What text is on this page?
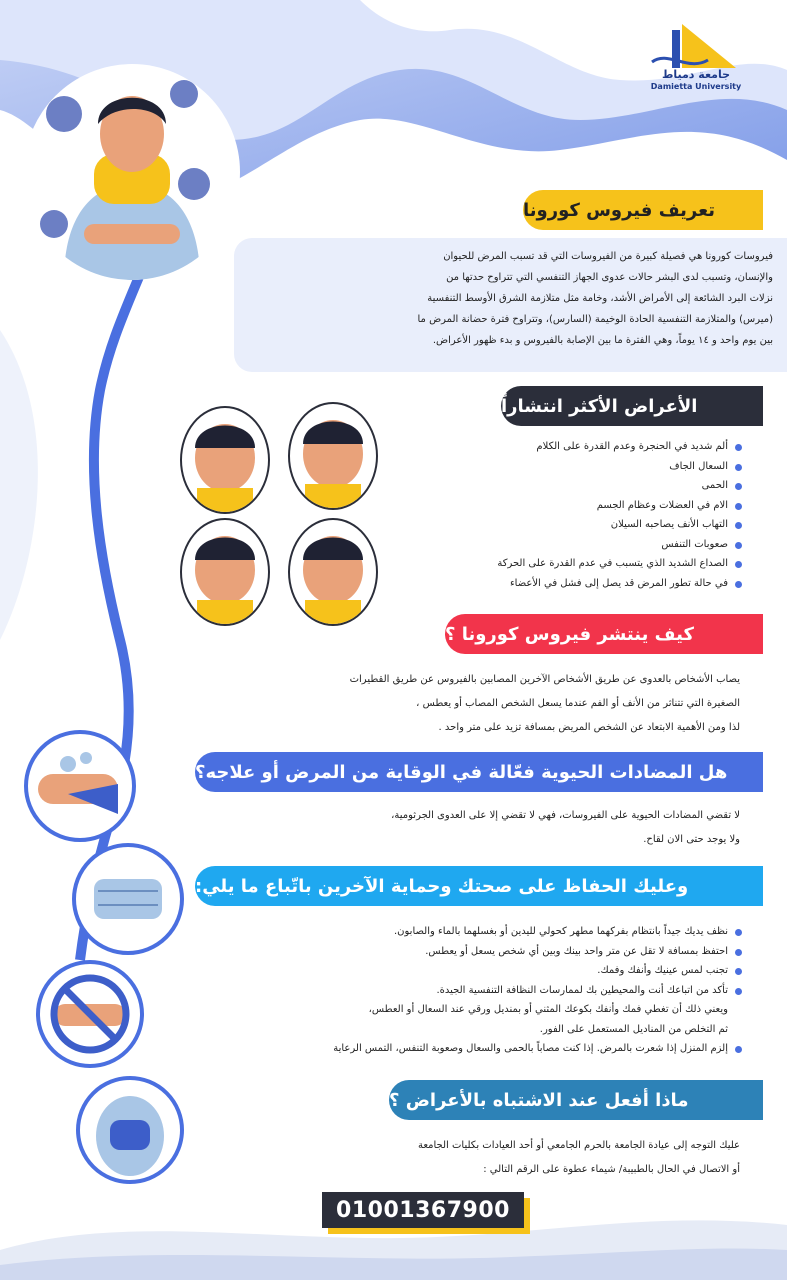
جامعة دمياط
Damietta University
تعريف فيروس كورونا
فيروسات كورونا هي فصيلة كبيرة من الفيروسات التي قد تسبب المرض للحيوان
والإنسان، وتسبب لدى البشر حالات عدوى الجهاز التنفسي التي تتراوح حدتها من
نزلات البرد الشائعة إلى الأمراض الأشد، وخامة مثل متلازمة الشرق الأوسط التنفسية
(ميرس) والمتلازمة التنفسية الحادة الوخيمة (السارس)، وتتراوح فترة حضانة المرض ما
بين يوم واحد و ١٤ يوماً، وهي الفترة ما بين الإصابة بالفيروس و بدء ظهور الأعراض.
الأعراض الأكثر انتشاراً
ألم شديد في الحنجرة وعدم القدرة على الكلام
السعال الجاف
الحمى
الام في العضلات وعظام الجسم
التهاب الأنف يصاحبه السيلان
صعوبات التنفس
الصداع الشديد الذي يتسبب في عدم القدرة على الحركة
في حالة تطور المرض قد يصل إلى فشل في الأعضاء
كيف ينتشر فيروس كورونا ؟
يصاب الأشخاص بالعدوى عن طريق الأشخاص الآخرين المصابين بالفيروس عن طريق القطيرات
الصغيرة التي تتناثر من الأنف أو الفم عندما يسعل الشخص المصاب أو يعطس ،
لذا ومن الأهمية الابتعاد عن الشخص المريض بمسافة تزيد على متر واحد .
هل المضادات الحيوية فعّالة في الوقاية من المرض أو علاجه؟
لا تقضي المضادات الحيوية على الفيروسات، فهي لا تقضي إلا على العدوى الجرثومية،
ولا يوجد حتى الان لقاح.
وعليك الحفاظ على صحتك وحماية الآخرين باتّباع ما يلي:
نظف يديك جيداً بانتظام بفركهما مطهر كحولي لليدين أو بغسلهما بالماء والصابون.
احتفظ بمسافة لا تقل عن متر واحد بينك وبين أي شخص يسعل أو يعطس.
تجنب لمس عينيك وأنفك وفمك.
تأكد من اتباعك أنت والمحيطين بك لممارسات النظافة التنفسية الجيدة.
ويعني ذلك أن تغطي فمك وأنفك بكوعك المثني أو بمنديل ورقي عند السعال أو العطس،
ثم التخلص من المناديل المستعمل على الفور.
إلزم المنزل إذا شعرت بالمرض. إذا كنت مصاباً بالحمى والسعال وصعوبة التنفس، التمس الرعاية
ماذا أفعل عند الاشتباه بالأعراض ؟
عليك التوجه إلى عيادة الجامعة بالحرم الجامعي أو أحد العيادات بكليات الجامعة
أو الاتصال في الحال بالطبيبة/ شيماء عطوة على الرقم التالي :
01001367900
